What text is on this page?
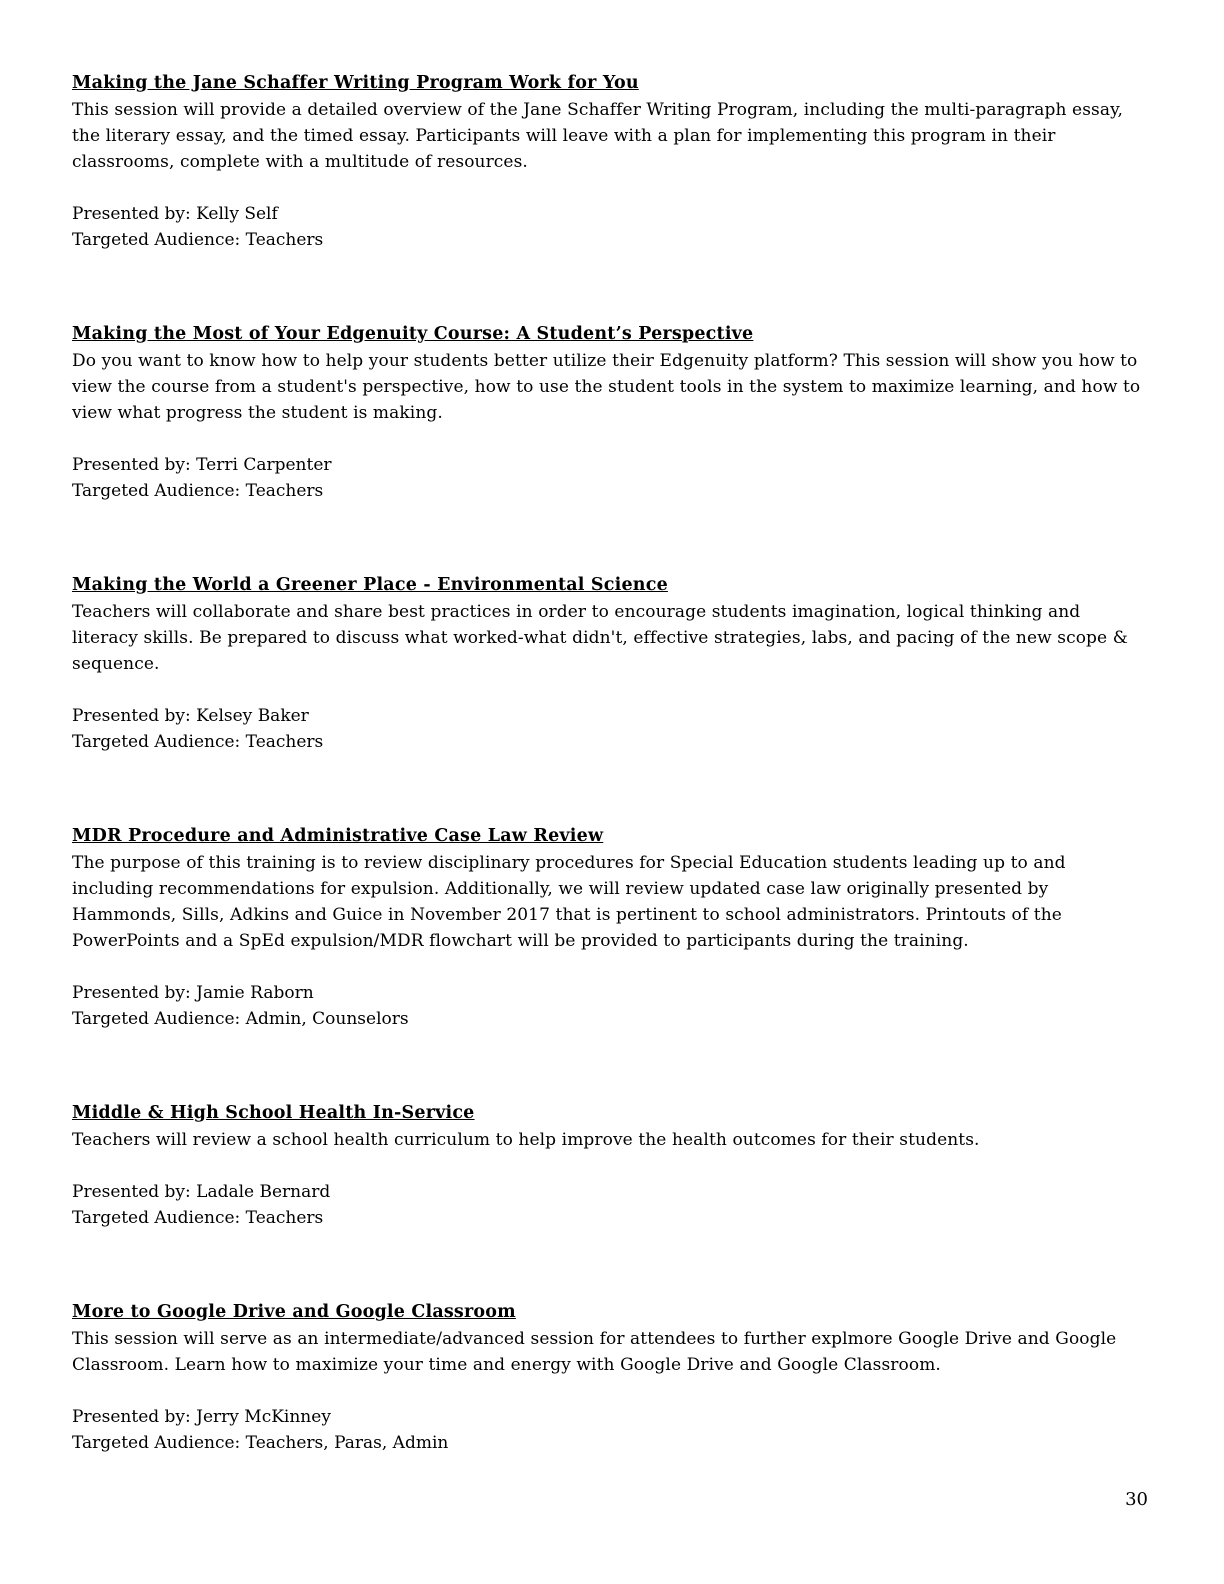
Making the Jane Schaffer Writing Program Work for You
This session will provide a detailed overview of the Jane Schaffer Writing Program, including the multi-paragraph essay, the literary essay, and the timed essay. Participants will leave with a plan for implementing this program in their classrooms, complete with a multitude of resources.
Presented by: Kelly Self
Targeted Audience: Teachers
Making the Most of Your Edgenuity Course: A Student’s Perspective
Do you want to know how to help your students better utilize their Edgenuity platform? This session will show you how to view the course from a student's perspective, how to use the student tools in the system to maximize learning, and how to view what progress the student is making.
Presented by: Terri Carpenter
Targeted Audience: Teachers
Making the World a Greener Place - Environmental Science
Teachers will collaborate and share best practices in order to encourage students imagination, logical thinking and literacy skills. Be prepared to discuss what worked-what didn't, effective strategies, labs, and pacing of the new scope & sequence.
Presented by: Kelsey Baker
Targeted Audience: Teachers
MDR Procedure and Administrative Case Law Review
The purpose of this training is to review disciplinary procedures for Special Education students leading up to and including recommendations for expulsion. Additionally, we will review updated case law originally presented by Hammonds, Sills, Adkins and Guice in November 2017 that is pertinent to school administrators. Printouts of the PowerPoints and a SpEd expulsion/MDR flowchart will be provided to participants during the training.
Presented by: Jamie Raborn
Targeted Audience: Admin, Counselors
Middle & High School Health In-Service
Teachers will review a school health curriculum to help improve the health outcomes for their students.
Presented by: Ladale Bernard
Targeted Audience: Teachers
More to Google Drive and Google Classroom
This session will serve as an intermediate/advanced session for attendees to further explmore Google Drive and Google Classroom. Learn how to maximize your time and energy with Google Drive and Google Classroom.
Presented by: Jerry McKinney
Targeted Audience: Teachers, Paras, Admin
30
